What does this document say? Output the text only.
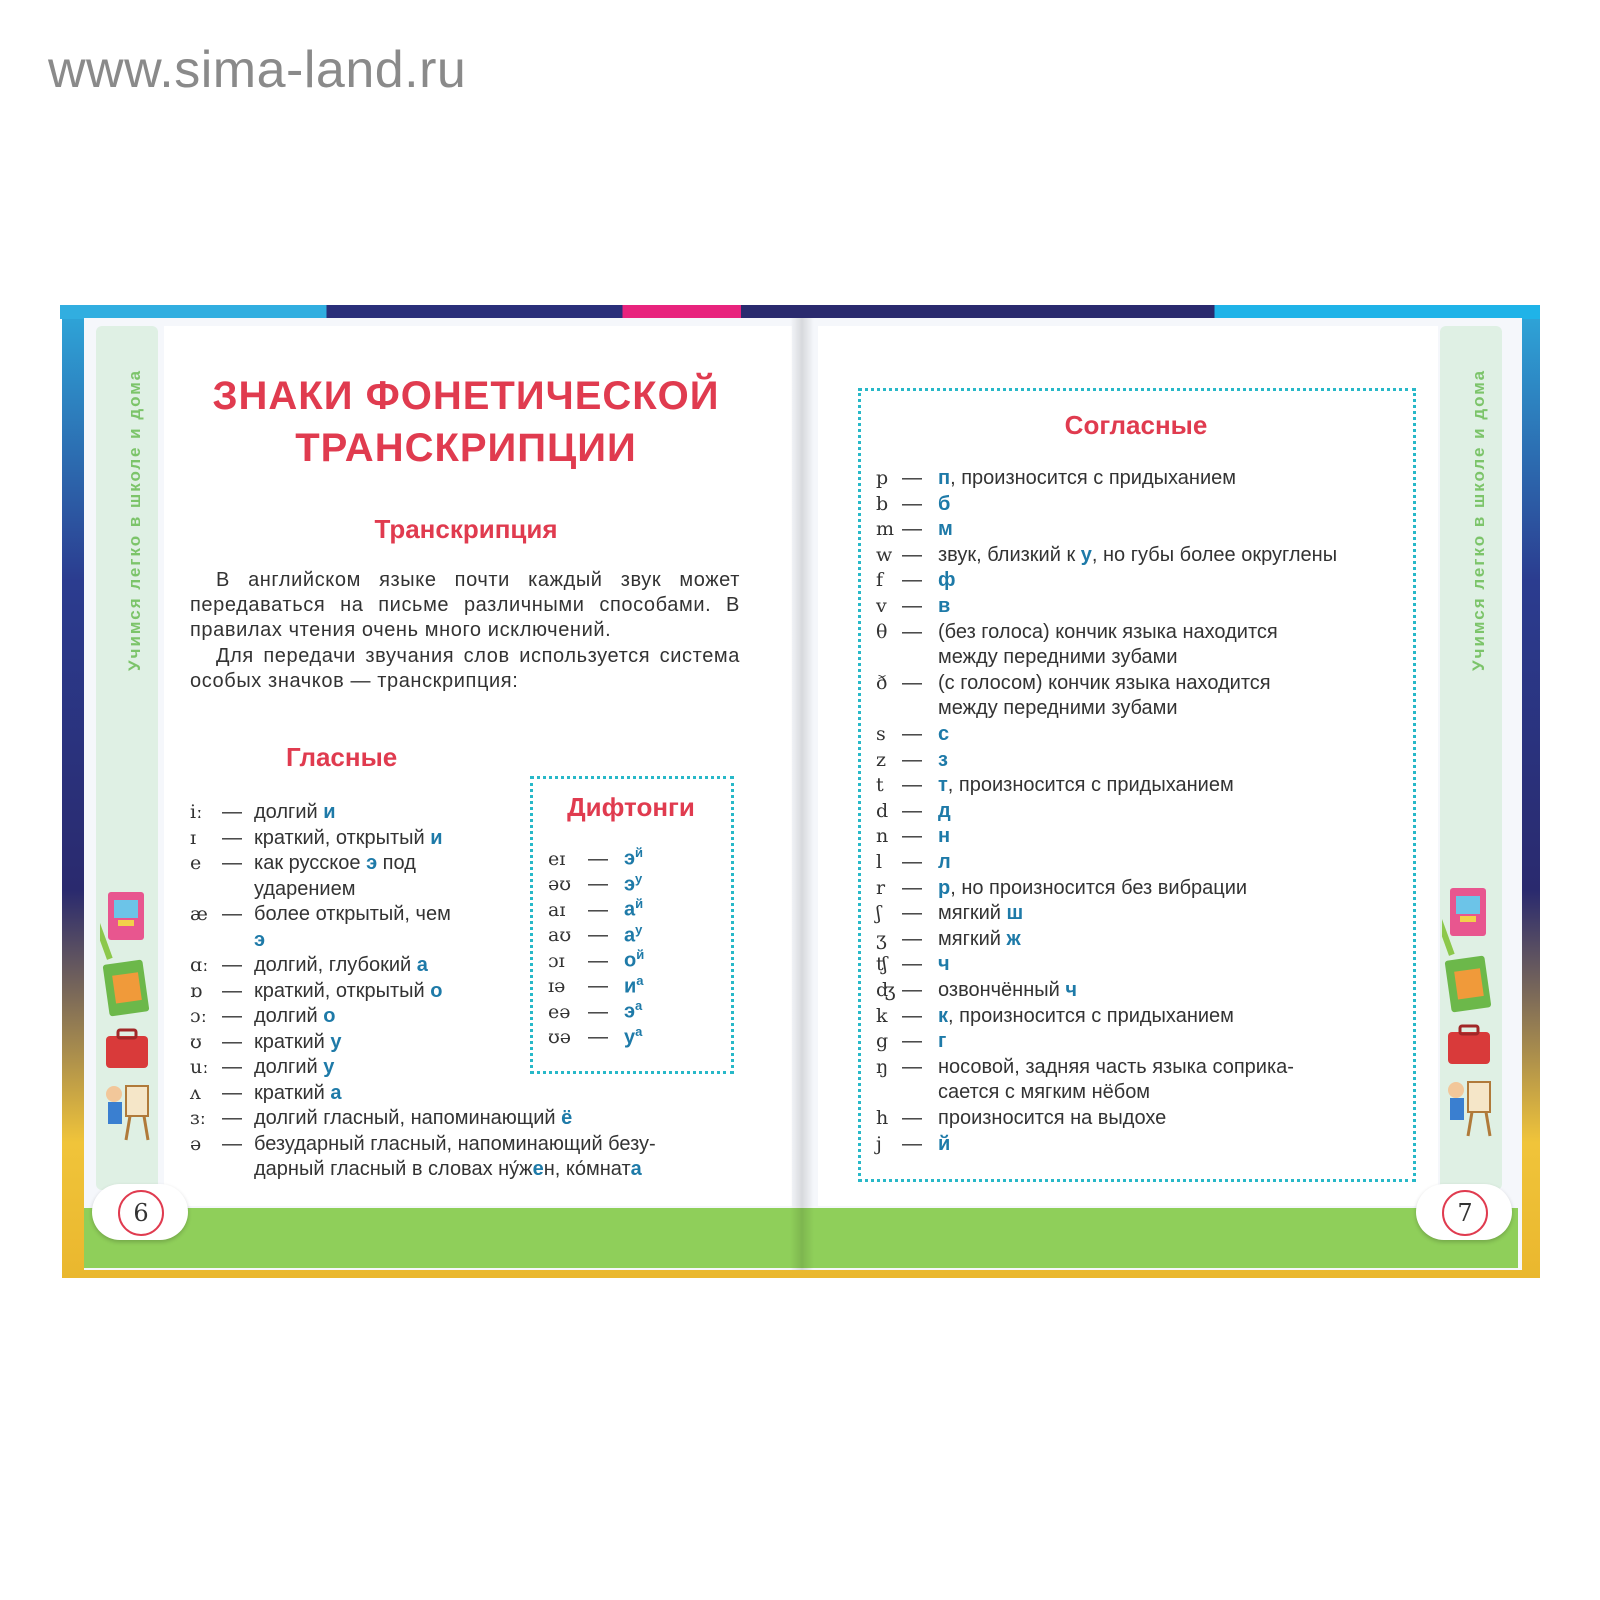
www.sima-land.ru
Учимся легко в школе и дома	Учимся легко в школе и дома
ЗНАКИ ФОНЕТИЧЕСКОЙ
ТРАНСКРИПЦИИ
Транскрипция
В английском языке почти каждый звук может передаваться на письме различными способами. В правилах чтения очень много исключений.
Для передачи звучания слов используется система особых значков — транскрипция:
Гласные
iː — долгий и
ɪ — краткий, открытый и
e — как русское э под
ударением
æ — более открытый, чем
э
ɑː — долгий, глубокий а
ɒ — краткий, открытый о
ɔː — долгий о
ʊ — краткий у
uː — долгий у
ʌ — краткий а
ɜː — долгий гласный, напоминающий ё
ə — безударный гласный, напоминающий безу-
дарный гласный в словах ну́жен, ко́мната
Дифтонги
eɪ — $э^й$
əʊ — $э^у$
aɪ — $а^й$
aʊ — $а^у$
ɔɪ — $о^й$
ɪə — $и^а$
eə — $э^а$
ʊə — $у^а$
6
Согласные
p — п, произносится с придыханием
b — б
m — м
w — звук, близкий к у, но губы более округлены
f — ф
v — в
θ — (без голоса) кончик языка находится
между передними зубами
ð — (с голосом) кончик языка находится
между передними зубами
s — с
z — з
t — т, произносится с придыханием
d — д
n — н
l — л
r — р, но произносится без вибрации
ʃ — мягкий ш
ʒ — мягкий ж
ʧ — ч
ʤ — озвончённый ч
k — к, произносится с придыханием
g — г
ŋ — носовой, задняя часть языка соприка-
сается с мягким нёбом
h — произносится на выдохе
j — й
7
